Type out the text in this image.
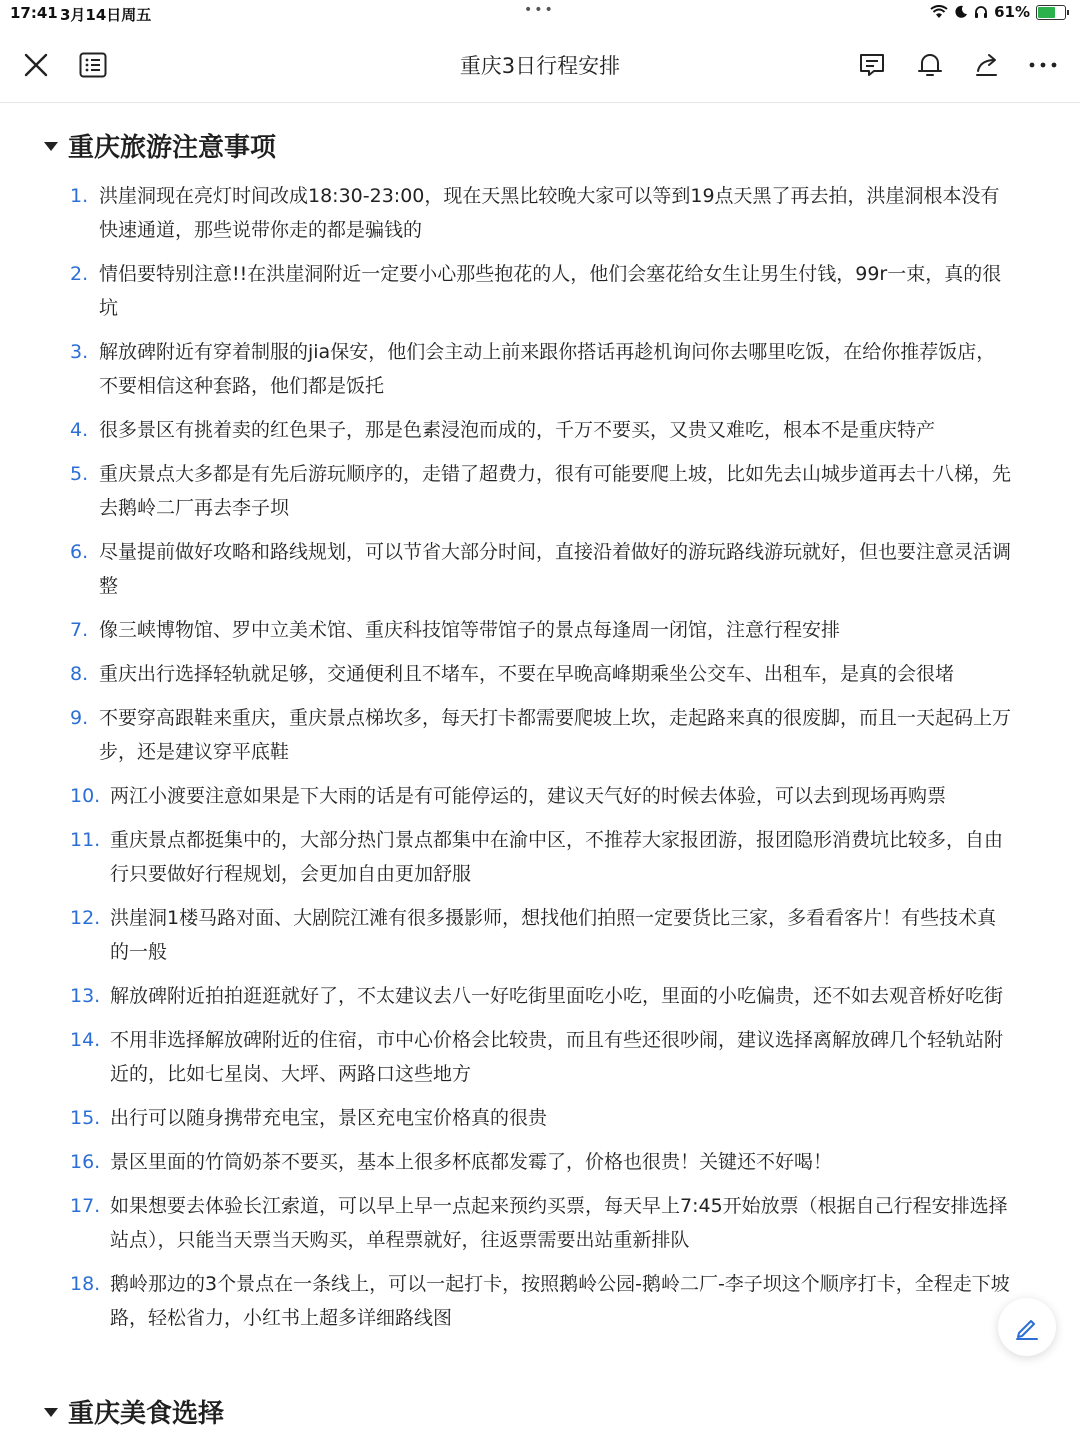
17:41 3月14日周五	•••	61%
重庆3日行程安排
重庆旅游注意事项
1. 洪崖洞现在亮灯时间改成18:30-23:00，现在天黑比较晚大家可以等到19点天黑了再去拍，洪崖洞根本没有快速通道，那些说带你走的都是骗钱的
2. 情侣要特别注意!!在洪崖洞附近一定要小心那些抱花的人，他们会塞花给女生让男生付钱，99r一束，真的很坑
3. 解放碑附近有穿着制服的jia保安，他们会主动上前来跟你搭话再趁机询问你去哪里吃饭，在给你推荐饭店，不要相信这种套路，他们都是饭托
4. 很多景区有挑着卖的红色果子，那是色素浸泡而成的，千万不要买，又贵又难吃，根本不是重庆特产
5. 重庆景点大多都是有先后游玩顺序的，走错了超费力，很有可能要爬上坡，比如先去山城步道再去十八梯，先去鹅岭二厂再去李子坝
6. 尽量提前做好攻略和路线规划，可以节省大部分时间，直接沿着做好的游玩路线游玩就好，但也要注意灵活调整
7. 像三峡博物馆、罗中立美术馆、重庆科技馆等带馆子的景点每逢周一闭馆，注意行程安排
8. 重庆出行选择轻轨就足够，交通便利且不堵车，不要在早晚高峰期乘坐公交车、出租车，是真的会很堵
9. 不要穿高跟鞋来重庆，重庆景点梯坎多，每天打卡都需要爬坡上坎，走起路来真的很废脚，而且一天起码上万步，还是建议穿平底鞋
10. 两江小渡要注意如果是下大雨的话是有可能停运的，建议天气好的时候去体验，可以去到现场再购票
11. 重庆景点都挺集中的，大部分热门景点都集中在渝中区，不推荐大家报团游，报团隐形消费坑比较多，自由行只要做好行程规划，会更加自由更加舒服
12. 洪崖洞1楼马路对面、大剧院江滩有很多摄影师，想找他们拍照一定要货比三家，多看看客片！有些技术真的一般
13. 解放碑附近拍拍逛逛就好了，不太建议去八一好吃街里面吃小吃，里面的小吃偏贵，还不如去观音桥好吃街
14. 不用非选择解放碑附近的住宿，市中心价格会比较贵，而且有些还很吵闹，建议选择离解放碑几个轻轨站附近的，比如七星岗、大坪、两路口这些地方
15. 出行可以随身携带充电宝，景区充电宝价格真的很贵
16. 景区里面的竹筒奶茶不要买，基本上很多杯底都发霉了，价格也很贵！关键还不好喝！
17. 如果想要去体验长江索道，可以早上早一点起来预约买票，每天早上7:45开始放票（根据自己行程安排选择站点），只能当天票当天购买，单程票就好，往返票需要出站重新排队
18. 鹅岭那边的3个景点在一条线上，可以一起打卡，按照鹅岭公园-鹅岭二厂-李子坝这个顺序打卡，全程走下坡路，轻松省力，小红书上超多详细路线图
重庆美食选择
